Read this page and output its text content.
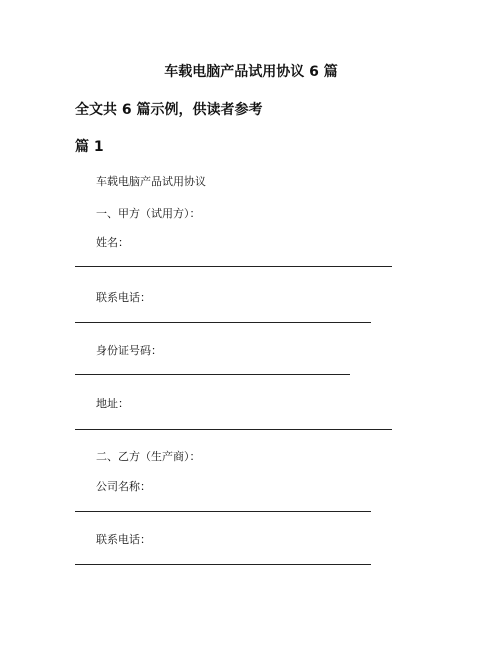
车载电脑产品试用协议 6 篇
全文共 6 篇示例，供读者参考
篇 1
车载电脑产品试用协议
一、甲方（试用方）：
姓名：
联系电话：
身份证号码：
地址：
二、乙方（生产商）：
公司名称：
联系电话：
